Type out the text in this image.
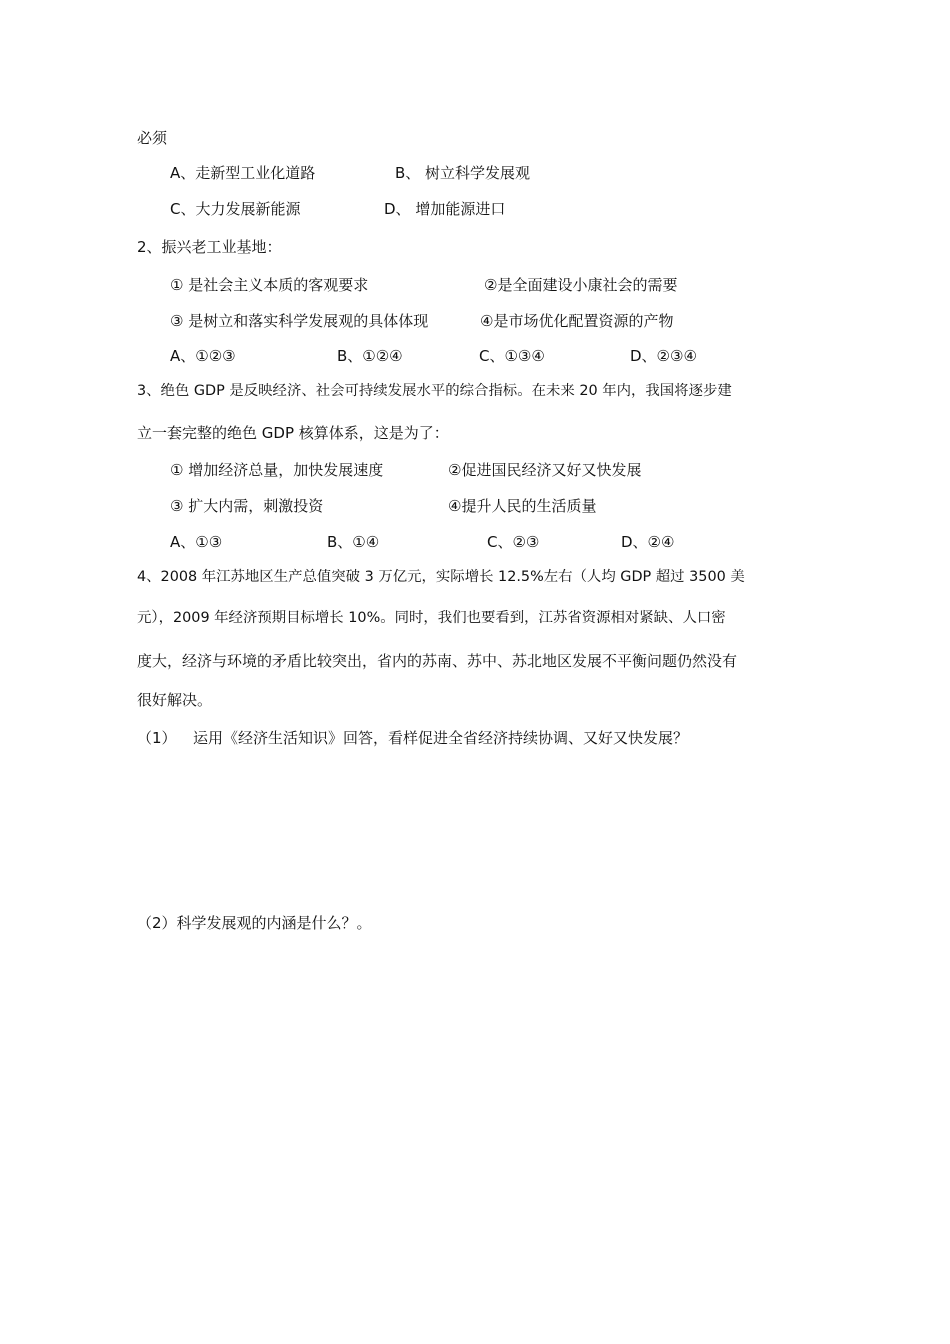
必须
A、走新型工业化道路	B、 树立科学发展观
C、大力发展新能源	D、 增加能源进口
2、振兴老工业基地：
① 是社会主义本质的客观要求	②是全面建设小康社会的需要
③ 是树立和落实科学发展观的具体体现	④是市场优化配置资源的产物
A、①②③	B、①②④	C、①③④	D、②③④
3、绝色 GDP 是反映经济、社会可持续发展水平的综合指标。在未来 20 年内，我国将逐步建
立一套完整的绝色 GDP 核算体系，这是为了：
① 增加经济总量，加快发展速度	②促进国民经济又好又快发展
③ 扩大内需，刺激投资	④提升人民的生活质量
A、①③	B、①④	C、②③	D、②④
4、2008 年江苏地区生产总值突破 3 万亿元，实际增长 12.5%左右（人均 GDP 超过 3500 美
元），2009 年经济预期目标增长 10%。同时，我们也要看到，江苏省资源相对紧缺、人口密
度大，经济与环境的矛盾比较突出，省内的苏南、苏中、苏北地区发展不平衡问题仍然没有
很好解决。
（1） 运用《经济生活知识》回答，看样促进全省经济持续协调、又好又快发展？
（2）科学发展观的内涵是什么？。
